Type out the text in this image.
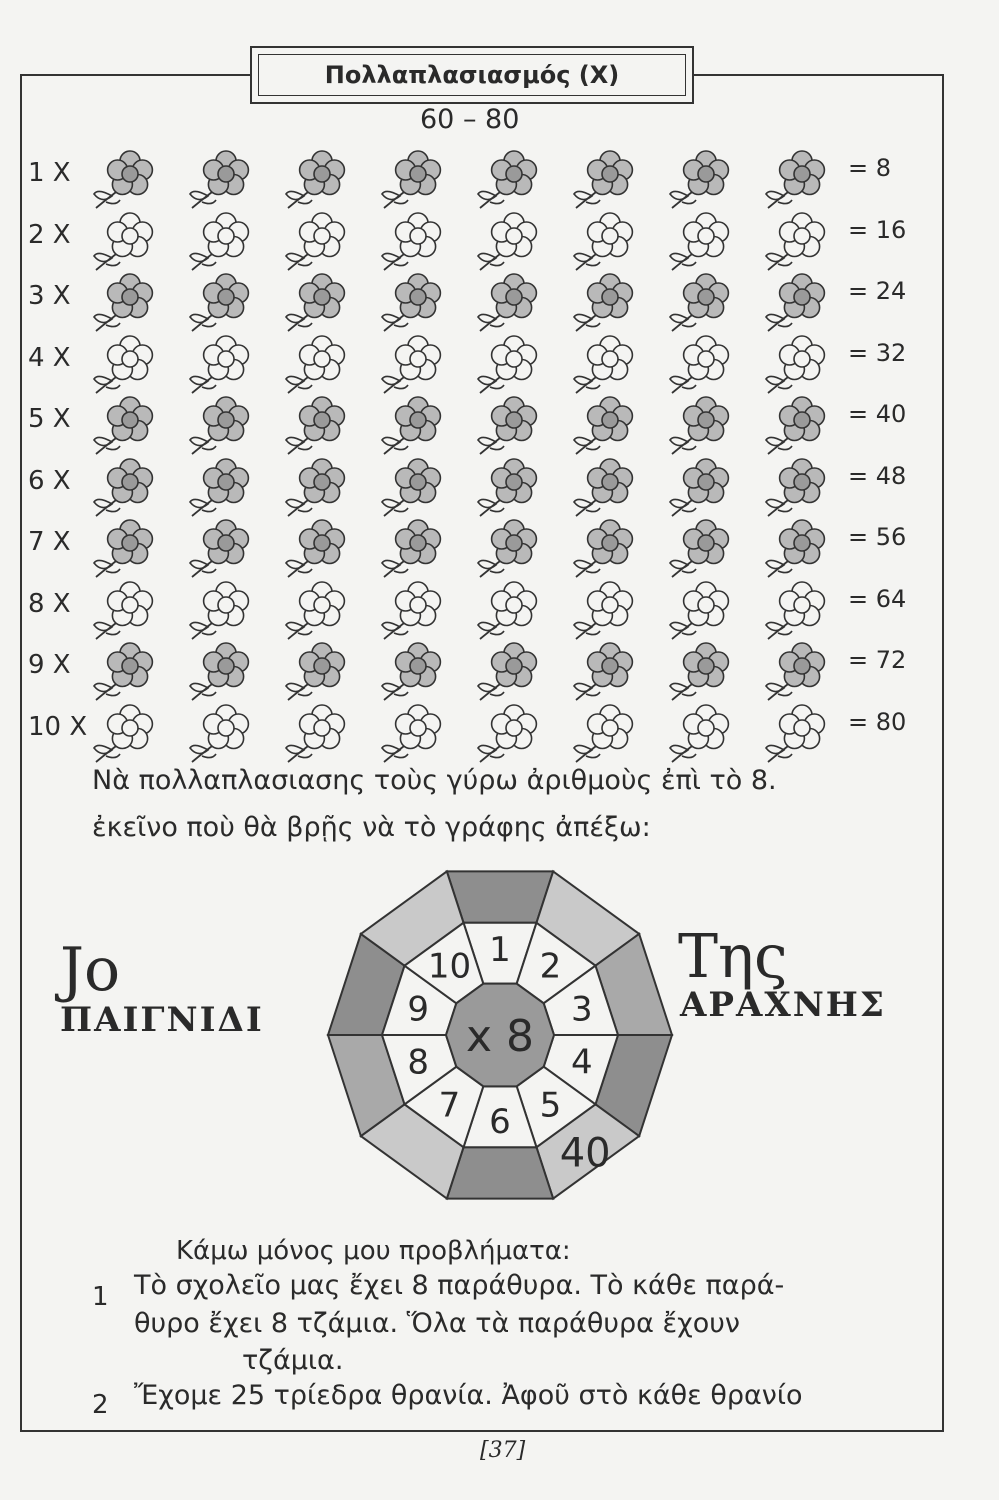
Πολλαπλασιασμός (Χ)
60 – 80
1 Χ	= 8
2 Χ	= 16
3 Χ	= 24
4 Χ	= 32
5 Χ	= 40
6 Χ	= 48
7 Χ	= 56
8 Χ	= 64
9 Χ	= 72
10 Χ	= 80
Νὰ πολλαπλασιασης τοὺς γύρω ἀριθμοὺς ἐπὶ τὸ 8.
ἐκεῖνο ποὺ θὰ βρῇς νὰ τὸ γράφης ἀπέξω:
Jo
ΠΑΙΓΝΙΔΙ
Της
ΑΡΑΧΝΗΣ
1 2
3
4
5
6
7
8
9
10
40
x 8
Κάμω μόνος μου προβλήματα:
1 Τὸ σχολεῖο μας ἔχει 8 παράθυρα. Τὸ κάθε παρά-
θυρο ἔχει 8 τζάμια. Ὅλα τὰ παράθυρα ἔχουν
τζάμια.
2 Ἔχομε 25 τρίεδρα θρανία. Ἀφοῦ στὸ κάθε θρανίο
[37]
